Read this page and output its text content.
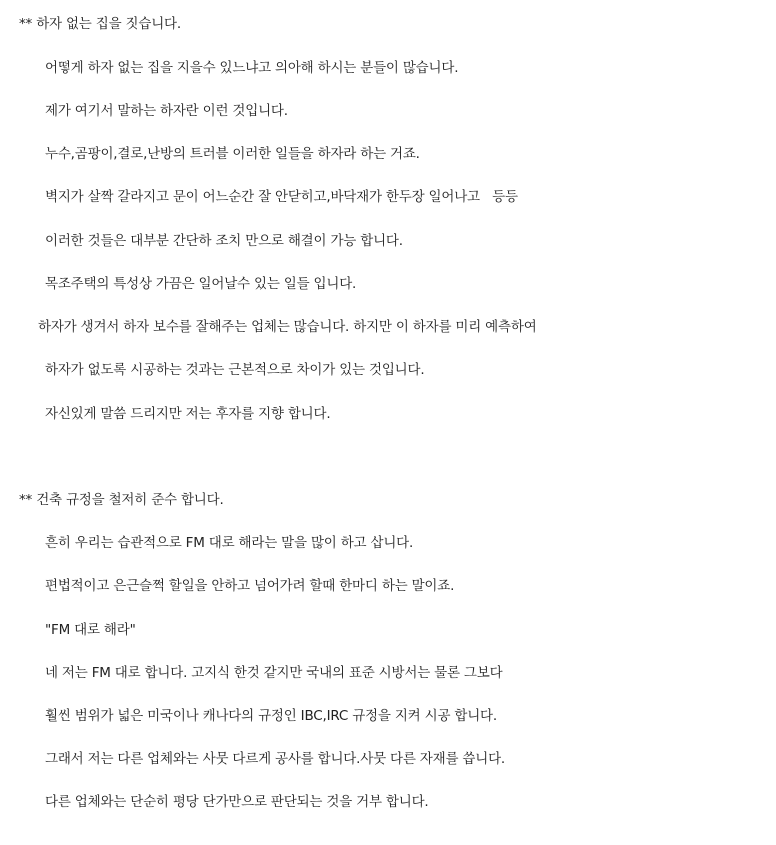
** 하자 없는 집을 짓습니다.
어떻게 하자 없는 집을 지을수 있느냐고 의아해 하시는 분들이 많습니다.
제가 여기서 말하는 하자란 이런 것입니다.
누수,곰팡이,결로,난방의 트러블 이러한 일들을 하자라 하는 거죠.
벽지가 살짝 갈라지고 문이 어느순간 잘 안닫히고,바닥재가 한두장 일어나고   등등
이러한 것들은 대부분 간단하 조치 만으로 해결이 가능 합니다.
목조주택의 특성상 가끔은 일어날수 있는 일들 입니다.
하자가 생겨서 하자 보수를 잘해주는 업체는 많습니다. 하지만 이 하자를 미리 예측하여
하자가 없도록 시공하는 것과는 근본적으로 차이가 있는 것입니다.
자신있게 말씀 드리지만 저는 후자를 지향 합니다.
** 건축 규정을 철저히 준수 합니다.
흔히 우리는 습관적으로 FM 대로 해라는 말을 많이 하고 삽니다.
편법적이고 은근슬쩍 할일을 안하고 넘어가려 할때 한마디 하는 말이죠.
"FM 대로 해라"
네 저는 FM 대로 합니다. 고지식 한것 같지만 국내의 표준 시방서는 물론 그보다
훨씬 범위가 넓은 미국이나 캐나다의 규정인 IBC,IRC 규정을 지켜 시공 합니다.
그래서 저는 다른 업체와는 사뭇 다르게 공사를 합니다.사뭇 다른 자재를 씁니다.
다른 업체와는 단순히 평당 단가만으로 판단되는 것을 거부 합니다.
